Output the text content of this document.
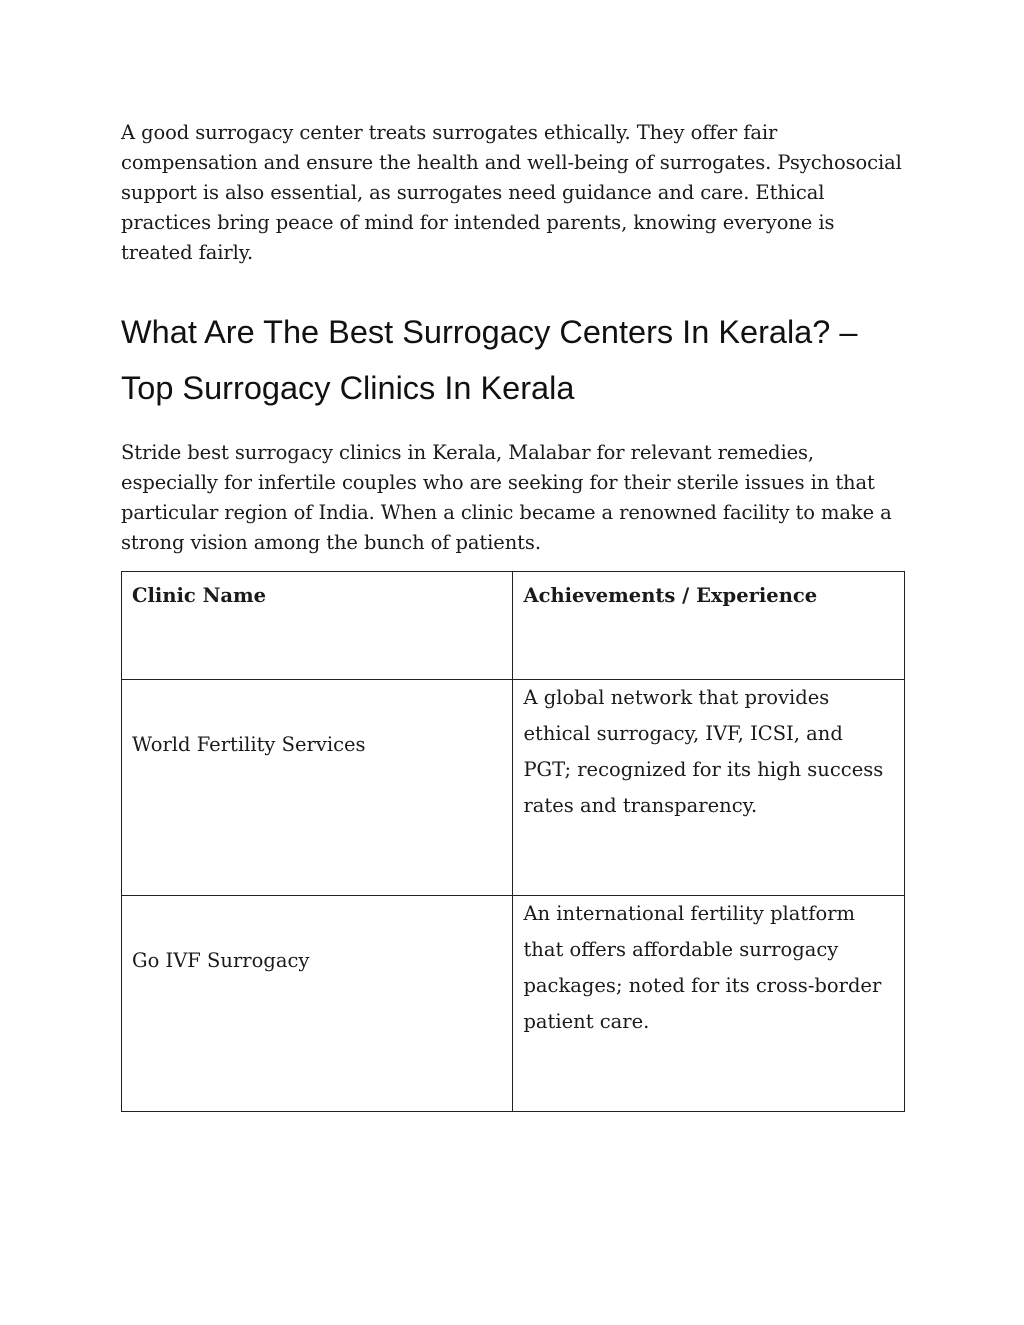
A good surrogacy center treats surrogates ethically. They offer fair compensation and ensure the health and well-being of surrogates. Psychosocial support is also essential, as surrogates need guidance and care. Ethical practices bring peace of mind for intended parents, knowing everyone is treated fairly.

What Are The Best Surrogacy Centers In Kerala? – Top Surrogacy Clinics In Kerala

Stride best surrogacy clinics in Kerala, Malabar for relevant remedies, especially for infertile couples who are seeking for their sterile issues in that particular region of India. When a clinic became a renowned facility to make a strong vision among the bunch of patients.

Clinic Name	Achievements / Experience

World Fertility Services	A global network that provides ethical surrogacy, IVF, ICSI, and PGT; recognized for its high success rates and transparency.

Go IVF Surrogacy	An international fertility platform that offers affordable surrogacy packages; noted for its cross-border patient care.
